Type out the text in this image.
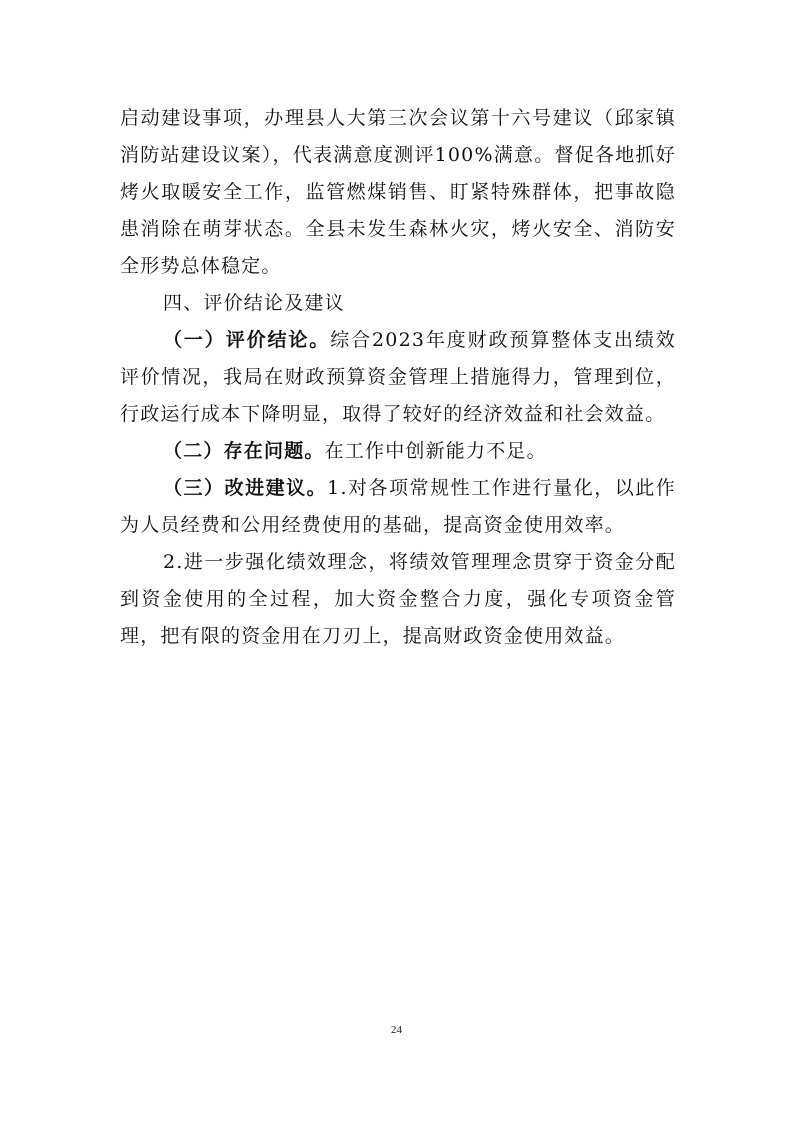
启动建设事项，办理县人大第三次会议第十六号建议（邱家镇消防站建设议案），代表满意度测评100%满意。督促各地抓好烤火取暖安全工作，监管燃煤销售、盯紧特殊群体，把事故隐患消除在萌芽状态。全县未发生森林火灾，烤火安全、消防安全形势总体稳定。

四、评价结论及建议

（一）评价结论。综合2023年度财政预算整体支出绩效评价情况，我局在财政预算资金管理上措施得力，管理到位，行政运行成本下降明显，取得了较好的经济效益和社会效益。

（二）存在问题。在工作中创新能力不足。

（三）改进建议。1.对各项常规性工作进行量化，以此作为人员经费和公用经费使用的基础，提高资金使用效率。

2.进一步强化绩效理念，将绩效管理理念贯穿于资金分配到资金使用的全过程，加大资金整合力度，强化专项资金管理，把有限的资金用在刀刃上，提高财政资金使用效益。

24
